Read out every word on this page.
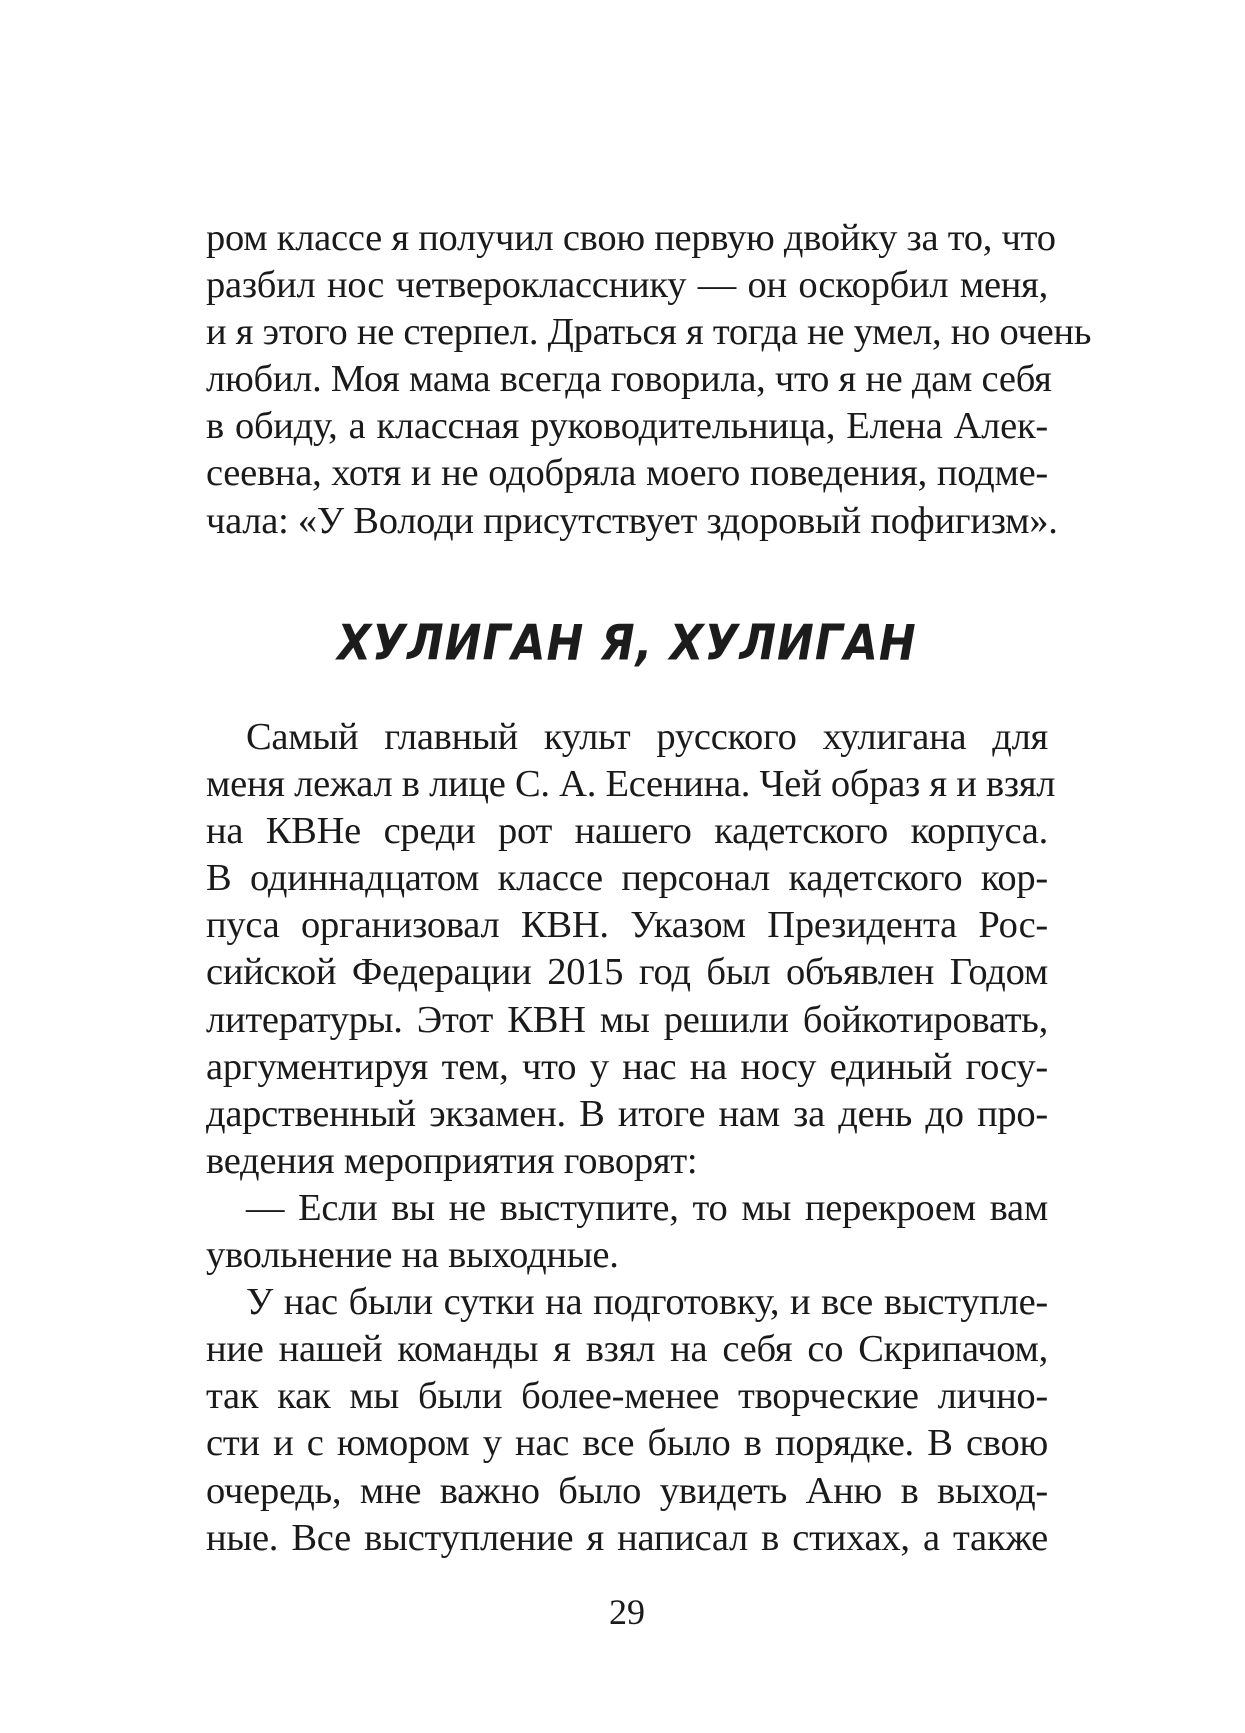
ром классе я получил свою первую двойку за то, что
разбил нос четверокласснику — он оскорбил меня,
и я этого не стерпел. Драться я тогда не умел, но очень
любил. Моя мама всегда говорила, что я не дам себя
в обиду, а классная руководительница, Елена Алек-
сеевна, хотя и не одобряла моего поведения, подме-
чала: «У Володи присутствует здоровый пофигизм».
ХУЛИГАН Я, ХУЛИГАН
Самый главный культ русского хулигана для
меня лежал в лице С. А. Есенина. Чей образ я и взял
на КВНе среди рот нашего кадетского корпуса.
В одиннадцатом классе персонал кадетского кор-
пуса организовал КВН. Указом Президента Рос-
сийской Федерации 2015 год был объявлен Годом
литературы. Этот КВН мы решили бойкотировать,
аргументируя тем, что у нас на носу единый госу-
дарственный экзамен. В итоге нам за день до про-
ведения мероприятия говорят:
— Если вы не выступите, то мы перекроем вам
увольнение на выходные.
У нас были сутки на подготовку, и все выступле-
ние нашей команды я взял на себя со Скрипачом,
так как мы были более-менее творческие лично-
сти и с юмором у нас все было в порядке. В свою
очередь, мне важно было увидеть Аню в выход-
ные. Все выступление я написал в стихах, а также
29
